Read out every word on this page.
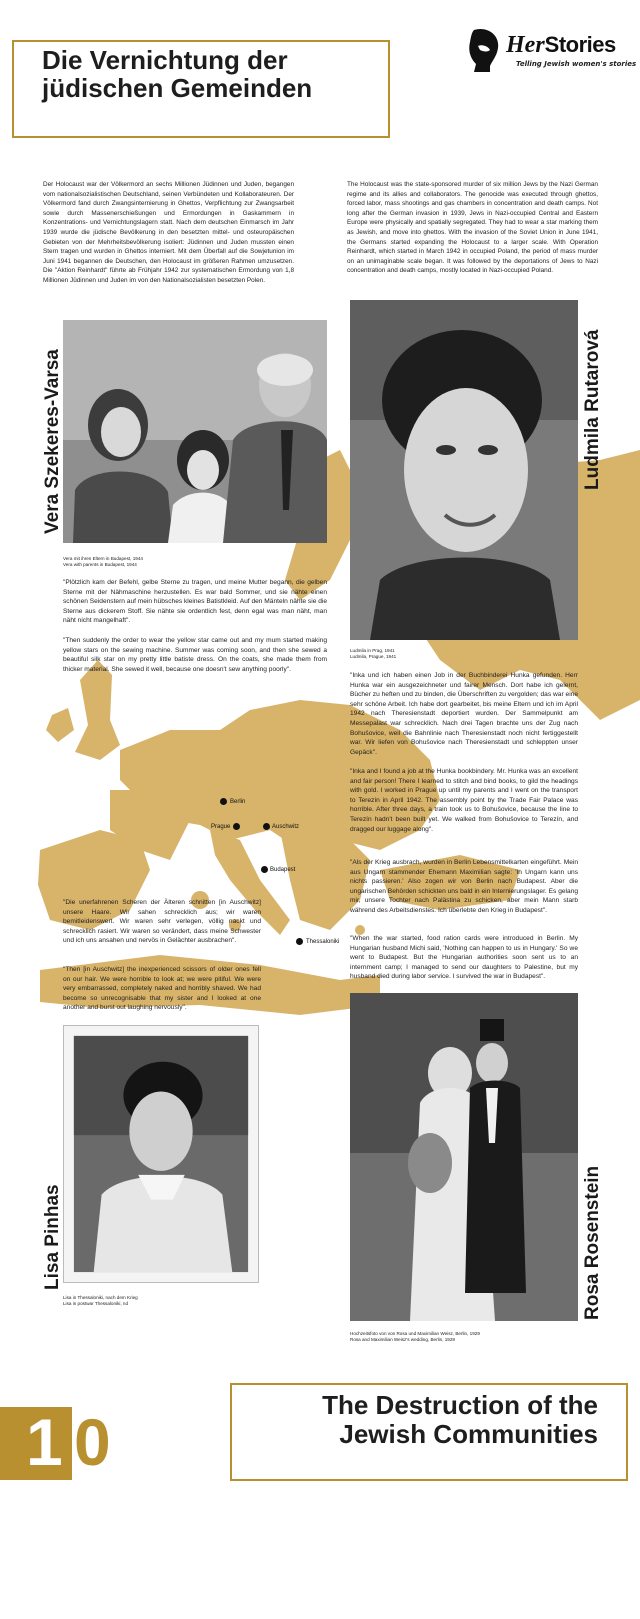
Die Vernichtung der jüdischen Gemeinden
HerStories
Telling Jewish women's stories

Der Holocaust war der Völkermord an sechs Millionen Jüdinnen und Juden, begangen vom nationalsozialistischen Deutschland, seinen Verbündeten und Kollaborateuren. Der Völkermord fand durch Zwangsinternierung in Ghettos, Verpflichtung zur Zwangsarbeit sowie durch Massenerschießungen und Ermordungen in Gaskammern in Konzentrations- und Vernichtungslagern statt. Nach dem deutschen Einmarsch im Jahr 1939 wurde die jüdische Bevölkerung in den besetzten mittel- und osteuropäischen Gebieten von der Mehrheitsbevölkerung isoliert: Jüdinnen und Juden mussten einen Stern tragen und wurden in Ghettos interniert. Mit dem Überfall auf die Sowjetunion im Juni 1941 begannen die Deutschen, den Holocaust im größeren Rahmen umzusetzen. Die "Aktion Reinhardt" führte ab Frühjahr 1942 zur systematischen Ermordung von 1,8 Millionen Jüdinnen und Juden im von den Nationalsozialisten besetzten Polen.

The Holocaust was the state-sponsored murder of six million Jews by the Nazi German regime and its allies and collaborators. The genocide was executed through ghettos, forced labor, mass shootings and gas chambers in concentration and death camps. Not long after the German invasion in 1939, Jews in Nazi-occupied Central and Eastern Europe were physically and spatially segregated. They had to wear a star marking them as Jewish, and move into ghettos. With the invasion of the Soviet Union in June 1941, the Germans started expanding the Holocaust to a larger scale. With Operation Reinhardt, which started in March 1942 in occupied Poland, the period of mass murder on an unimaginable scale began. It was followed by the deportations of Jews to Nazi concentration and death camps, mostly located in Nazi-occupied Poland.

Vera Szekeres-Varsa

Vera mit ihren Eltern in Budapest, 1944

Vera with parents in Budapest, 1944

"Plötzlich kam der Befehl, gelbe Sterne zu tragen, und meine Mutter begann, die gelben Sterne mit der Nähmaschine herzustellen. Es war bald Sommer, und sie nähte einen schönen Seidenstern auf mein hübsches kleines Batistkleid. Auf den Mänteln nähte sie die Sterne aus dickerem Stoff. Sie nähte sie ordentlich fest, denn egal was man näht, man näht nicht mangelhaft".

"Then suddenly the order to wear the yellow star came out and my mum started making yellow stars on the sewing machine. Summer was coming soon, and then she sewed a beautiful silk star on my pretty little batiste dress. On the coats, she made them from thicker material. She sewed it well, because one doesn't sew anything poorly".

Ludmila Rutarová

Ludmila in Prag, 1941

Ludmila, Prague, 1941

"Inka und ich haben einen Job in der Buchbinderei Hunka gefunden. Herr Hunka war ein ausgezeichneter und fairer Mensch. Dort habe ich gelernt, Bücher zu heften und zu binden, die Überschriften zu vergolden; das war eine sehr schöne Arbeit. Ich habe dort gearbeitet, bis meine Eltern und ich im April 1942 nach Theresienstadt deportiert wurden. Der Sammelpunkt am Messepalast war schrecklich. Nach drei Tagen brachte uns der Zug nach Bohušovice, weil die Bahnlinie nach Theresienstadt noch nicht fertiggestellt war. Wir liefen von Bohušovice nach Theresienstadt und schleppten unser Gepäck".

"Inka and I found a job at the Hunka bookbindery. Mr. Hunka was an excellent and fair person! There I learned to stitch and bind books, to gild the headings with gold. I worked in Prague up until my parents and I went on the transport to Terezín in April 1942. The assembly point by the Trade Fair Palace was horrible. After three days, a train took us to Bohušovice, because the line to Terezín hadn't been built yet. We walked from Bohušovice to Terezín, and dragged our luggage along".

Berlin
Prague	Auschwitz
Budapest
Thessaloniki

"Als der Krieg ausbrach, wurden in Berlin Lebensmittelkarten eingeführt. Mein aus Ungarn stammender Ehemann Maximilian sagte: 'In Ungarn kann uns nichts passieren.' Also zogen wir von Berlin nach Budapest. Aber die ungarischen Behörden schickten uns bald in ein Internierungslager. Es gelang mir, unsere Tochter nach Palästina zu schicken, aber mein Mann starb während des Arbeitsdienstes. Ich überlebte den Krieg in Budapest".

"When the war started, food ration cards were introduced in Berlin. My Hungarian husband Michi said, 'Nothing can happen to us in Hungary.' So we went to Budapest. But the Hungarian authorities soon sent us to an internment camp; I managed to send our daughters to Palestine, but my husband died during labor service. I survived the war in Budapest".

Rosa Rosenstein

Hochzeitsfoto von von Rosa und Maximilian Weisz, Berlin, 1929

Rosa and Maximilian Weisz's wedding, Berlin, 1929

"Die unerfahrenen Scheren der Älteren schnitten [in Auschwitz] unsere Haare. Wir sahen schrecklich aus; wir waren bemitleidenswert. Wir waren sehr verlegen, völlig nackt und schrecklich rasiert. Wir waren so verändert, dass meine Schwester und ich uns ansahen und nervös in Gelächter ausbrachen".

"Then [in Auschwitz] the inexperienced scissors of older ones fell on our hair. We were horrible to look at; we were pitiful. We were very embarrassed, completely naked and horribly shaved. We had become so unrecognisable that my sister and I looked at one another and burst out laughing nervously".

Lisa Pinhas

Lisa in Thessaloniki, nach dem Krieg

Lisa in postwar Thessaloniki, nd

1 0	The Destruction of the Jewish Communities
